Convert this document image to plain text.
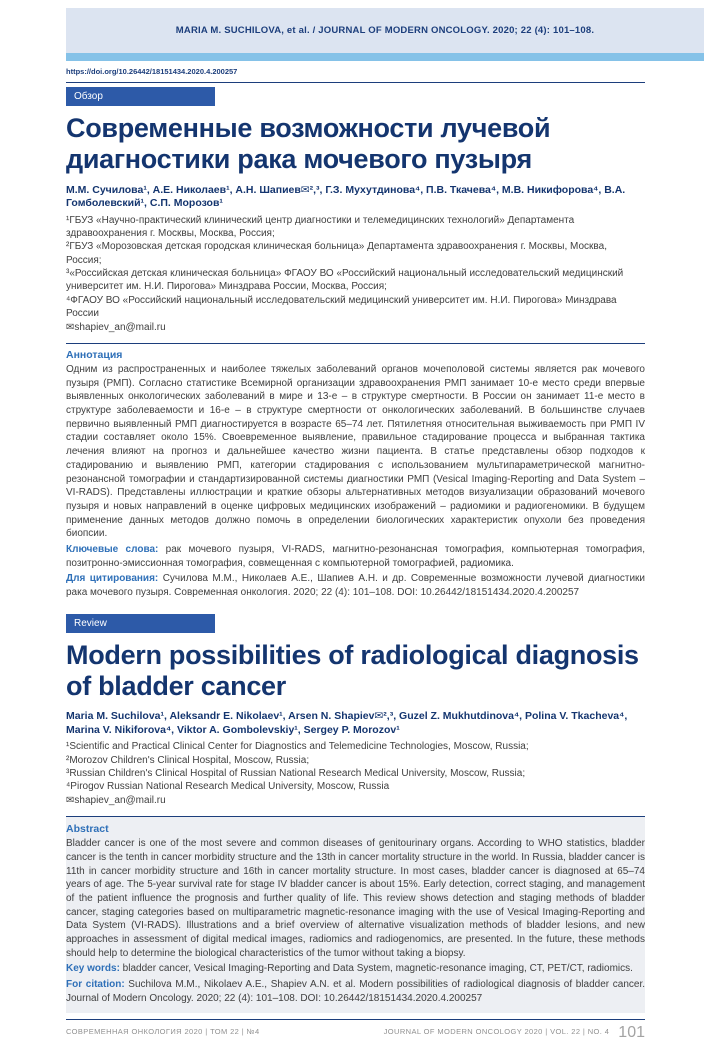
MARIA M. SUCHILOVA, et al. / JOURNAL OF MODERN ONCOLOGY. 2020; 22 (4): 101–108.
https://doi.org/10.26442/18151434.2020.4.200257
Обзор
Современные возможности лучевой диагностики рака мочевого пузыря
М.М. Сучилова¹, А.Е. Николаев¹, А.Н. Шапиев✉²,³, Г.З. Мухутдинова⁴, П.В. Ткачева⁴, М.В. Никифорова⁴, В.А. Гомболевский¹, С.П. Морозов¹
¹ГБУЗ «Научно-практический клинический центр диагностики и телемедицинских технологий» Департамента здравоохранения г. Москвы, Москва, Россия;
²ГБУЗ «Морозовская детская городская клиническая больница» Департамента здравоохранения г. Москвы, Москва, Россия;
³«Российская детская клиническая больница» ФГАОУ ВО «Российский национальный исследовательский медицинский университет им. Н.И. Пирогова» Минздрава России, Москва, Россия;
⁴ФГАОУ ВО «Российский национальный исследовательский медицинский университет им. Н.И. Пирогова» Минздрава России
✉shapiev_an@mail.ru
Аннотация

Одним из распространенных и наиболее тяжелых заболеваний органов мочеполовой системы является рак мочевого пузыря (РМП). Согласно статистике Всемирной организации здравоохранения РМП занимает 10-е место среди впервые выявленных онкологических заболеваний в мире и 13-е – в структуре смертности. В России он занимает 11-е место в структуре заболеваемости и 16-е – в структуре смертности от онкологических заболеваний. В большинстве случаев первично выявленный РМП диагностируется в возрасте 65–74 лет. Пятилетняя относительная выживаемость при РМП IV стадии составляет около 15%. Своевременное выявление, правильное стадирование процесса и выбранная тактика лечения влияют на прогноз и дальнейшее качество жизни пациента. В статье представлены обзор подходов к стадированию и выявлению РМП, категории стадирования с использованием мультипараметрической магнитно-резонансной томографии и стандартизированной системы диагностики РМП (Vesical Imaging-Reporting and Data System – VI-RADS). Представлены иллюстрации и краткие обзоры альтернативных методов визуализации образований мочевого пузыря и новых направлений в оценке цифровых медицинских изображений – радиомики и радиогеномики. В будущем применение данных методов должно помочь в определении биологических характеристик опухоли без проведения биопсии.

Ключевые слова: рак мочевого пузыря, VI-RADS, магнитно-резонансная томография, компьютерная томография, позитронно-эмиссионная томография, совмещенная с компьютерной томографией, радиомика.

Для цитирования: Сучилова М.М., Николаев А.Е., Шапиев А.Н. и др. Современные возможности лучевой диагностики рака мочевого пузыря. Современная онкология. 2020; 22 (4): 101–108. DOI: 10.26442/18151434.2020.4.200257

Review
Modern possibilities of radiological diagnosis of bladder cancer
Maria M. Suchilova¹, Aleksandr E. Nikolaev¹, Arsen N. Shapiev✉²,³, Guzel Z. Mukhutdinova⁴, Polina V. Tkacheva⁴, Marina V. Nikiforova⁴, Viktor A. Gombolevskiy¹, Sergey P. Morozov¹
¹Scientific and Practical Clinical Center for Diagnostics and Telemedicine Technologies, Moscow, Russia;
²Morozov Children's Clinical Hospital, Moscow, Russia;
³Russian Children's Clinical Hospital of Russian National Research Medical University, Moscow, Russia;
⁴Pirogov Russian National Research Medical University, Moscow, Russia
✉shapiev_an@mail.ru
Abstract

Bladder cancer is one of the most severe and common diseases of genitourinary organs. According to WHO statistics, bladder cancer is the tenth in cancer morbidity structure and the 13th in cancer mortality structure in the world. In Russia, bladder cancer is 11th in cancer morbidity structure and 16th in cancer mortality structure. In most cases, bladder cancer is diagnosed at 65–74 years of age. The 5-year survival rate for stage IV bladder cancer is about 15%. Early detection, correct staging, and management of the patient influence the prognosis and further quality of life. This review shows detection and staging methods of bladder cancer, staging categories based on multiparametric magnetic-resonance imaging with the use of Vesical Imaging-Reporting and Data System (VI-RADS). Illustrations and a brief overview of alternative visualization methods of bladder lesions, and new approaches in assessment of digital medical images, radiomics and radiogenomics, are presented. In the future, these methods should help to determine the biological characteristics of the tumor without taking a biopsy.

Key words: bladder cancer, Vesical Imaging-Reporting and Data System, magnetic-resonance imaging, CT, PET/CT, radiomics.

For citation: Suchilova M.M., Nikolaev A.E., Shapiev A.N. et al. Modern possibilities of radiological diagnosis of bladder cancer. Journal of Modern Oncology. 2020; 22 (4): 101–108. DOI: 10.26442/18151434.2020.4.200257

СОВРЕМЕННАЯ ОНКОЛОГИЯ 2020 | ТОМ 22 | №4	JOURNAL OF MODERN ONCOLOGY 2020 | VOL. 22 | NO. 4 101
